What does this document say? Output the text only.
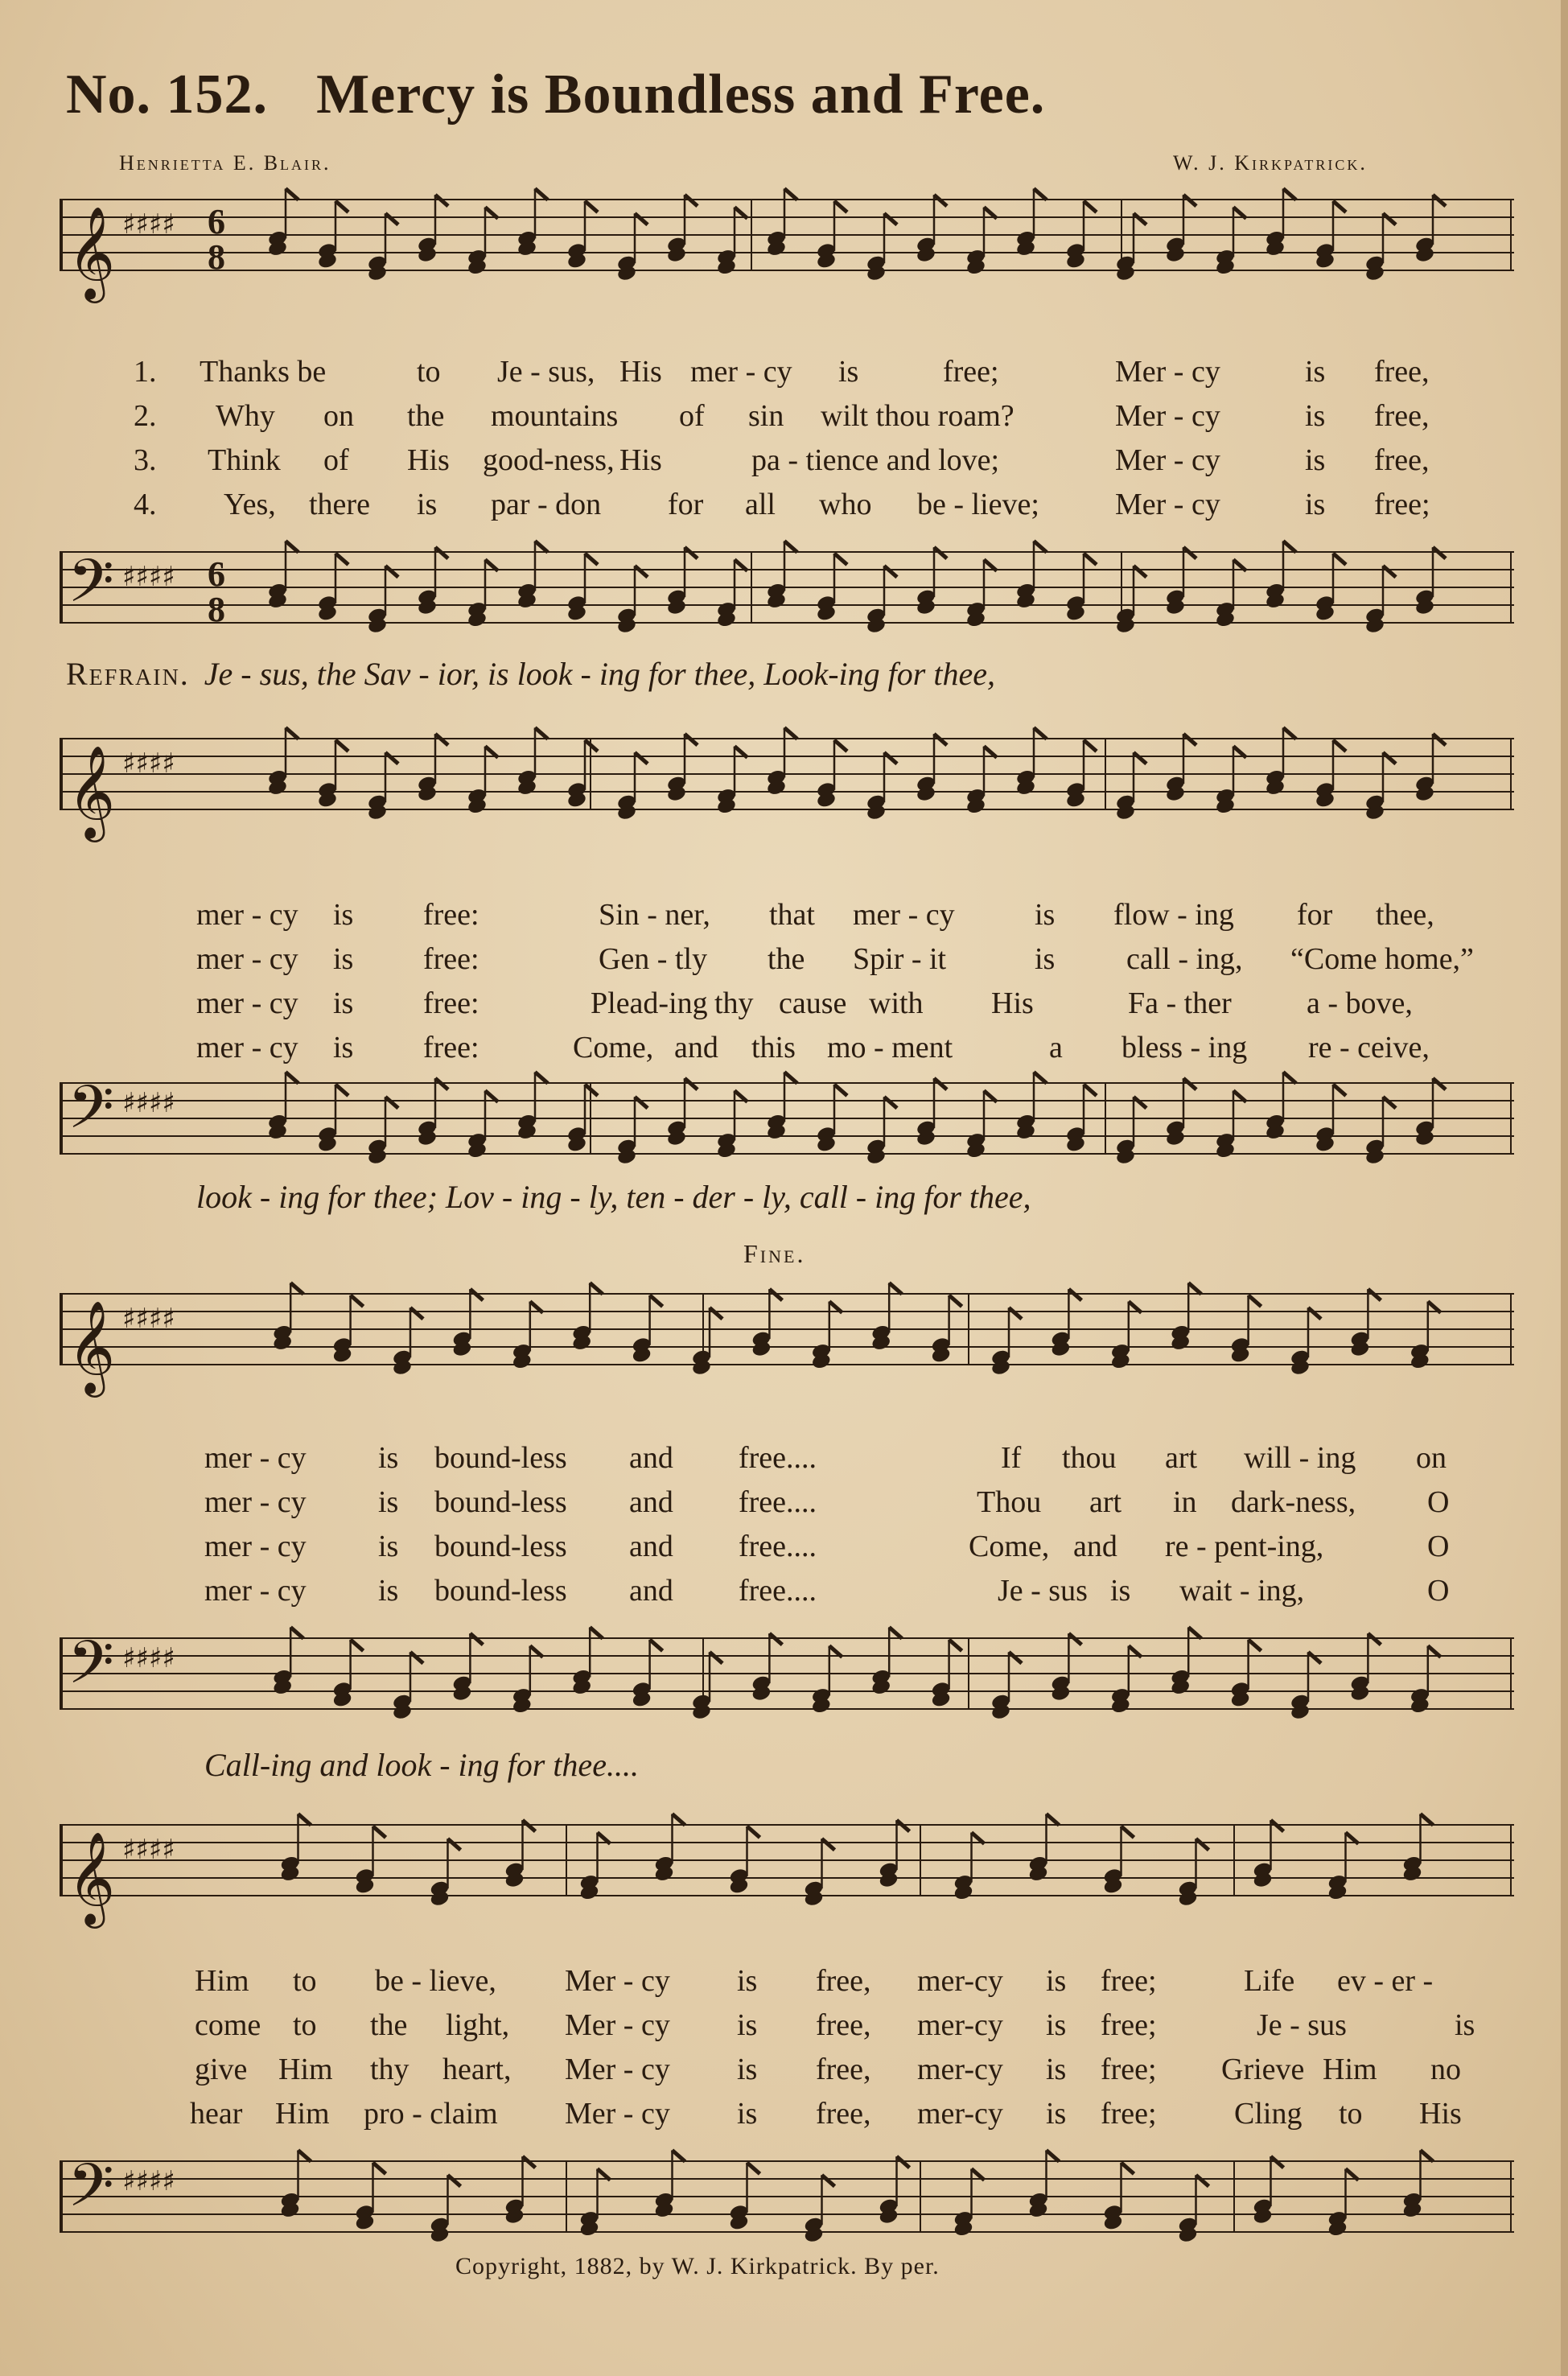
No. 152. Mercy is Boundless and Free.
Henrietta E. Blair.	W. J. Kirkpatrick.
𝄞 ♯♯♯♯ 6
8
1. Thanks be	to Je - sus, His mer - cy is	free;	Mer - cy	is free,
2. Why on the mountains of sin wilt thou roam?	Mer - cy	is free,
3. Think of His good-ness, His	pa - tience and love;	Mer - cy	is free,
4. Yes, there is par - don for all who be - lieve; Mer - cy	is free;
𝄢 ♯♯♯♯ 6
8
Refrain. Je - sus, the Sav - ior, is look - ing for thee, Look-ing for thee,
𝄞 ♯♯♯♯
mer - cy is free:	Sin - ner, that mer - cy	is flow - ing for thee,
mer - cy is free:	Gen - tly the Spir - it	is call - ing, “Come home,”
mer - cy is free:	Plead-ing thy cause with His	Fa - ther a - bove,
mer - cy is free:	Come, and this mo - ment	a bless - ing re - ceive,
𝄢 ♯♯♯♯
look - ing for thee; Lov - ing - ly, ten - der - ly, call - ing for thee,
Fine.
𝄞 ♯♯♯♯
mer - cy is bound-less and free....	If thou art will - ing on
mer - cy is bound-less and free....	Thou art in dark-ness, O
mer - cy is bound-less and free....	Come, and re - pent-ing,	O
mer - cy is bound-less and free....	Je - sus is wait - ing,	O
𝄢 ♯♯♯♯
Call-ing and look - ing for thee....
𝄞 ♯♯♯♯
Him to be - lieve, Mer - cy is free, mer-cy is free;	Life ev - er -
come to the light, Mer - cy is free, mer-cy is free;	Je - sus	is
give Him thy heart, Mer - cy is free, mer-cy is free; Grieve Him no
hear Him pro - claim Mer - cy is free, mer-cy is free;	Cling to His
𝄢 ♯♯♯♯
Copyright, 1882, by W. J. Kirkpatrick. By per.
